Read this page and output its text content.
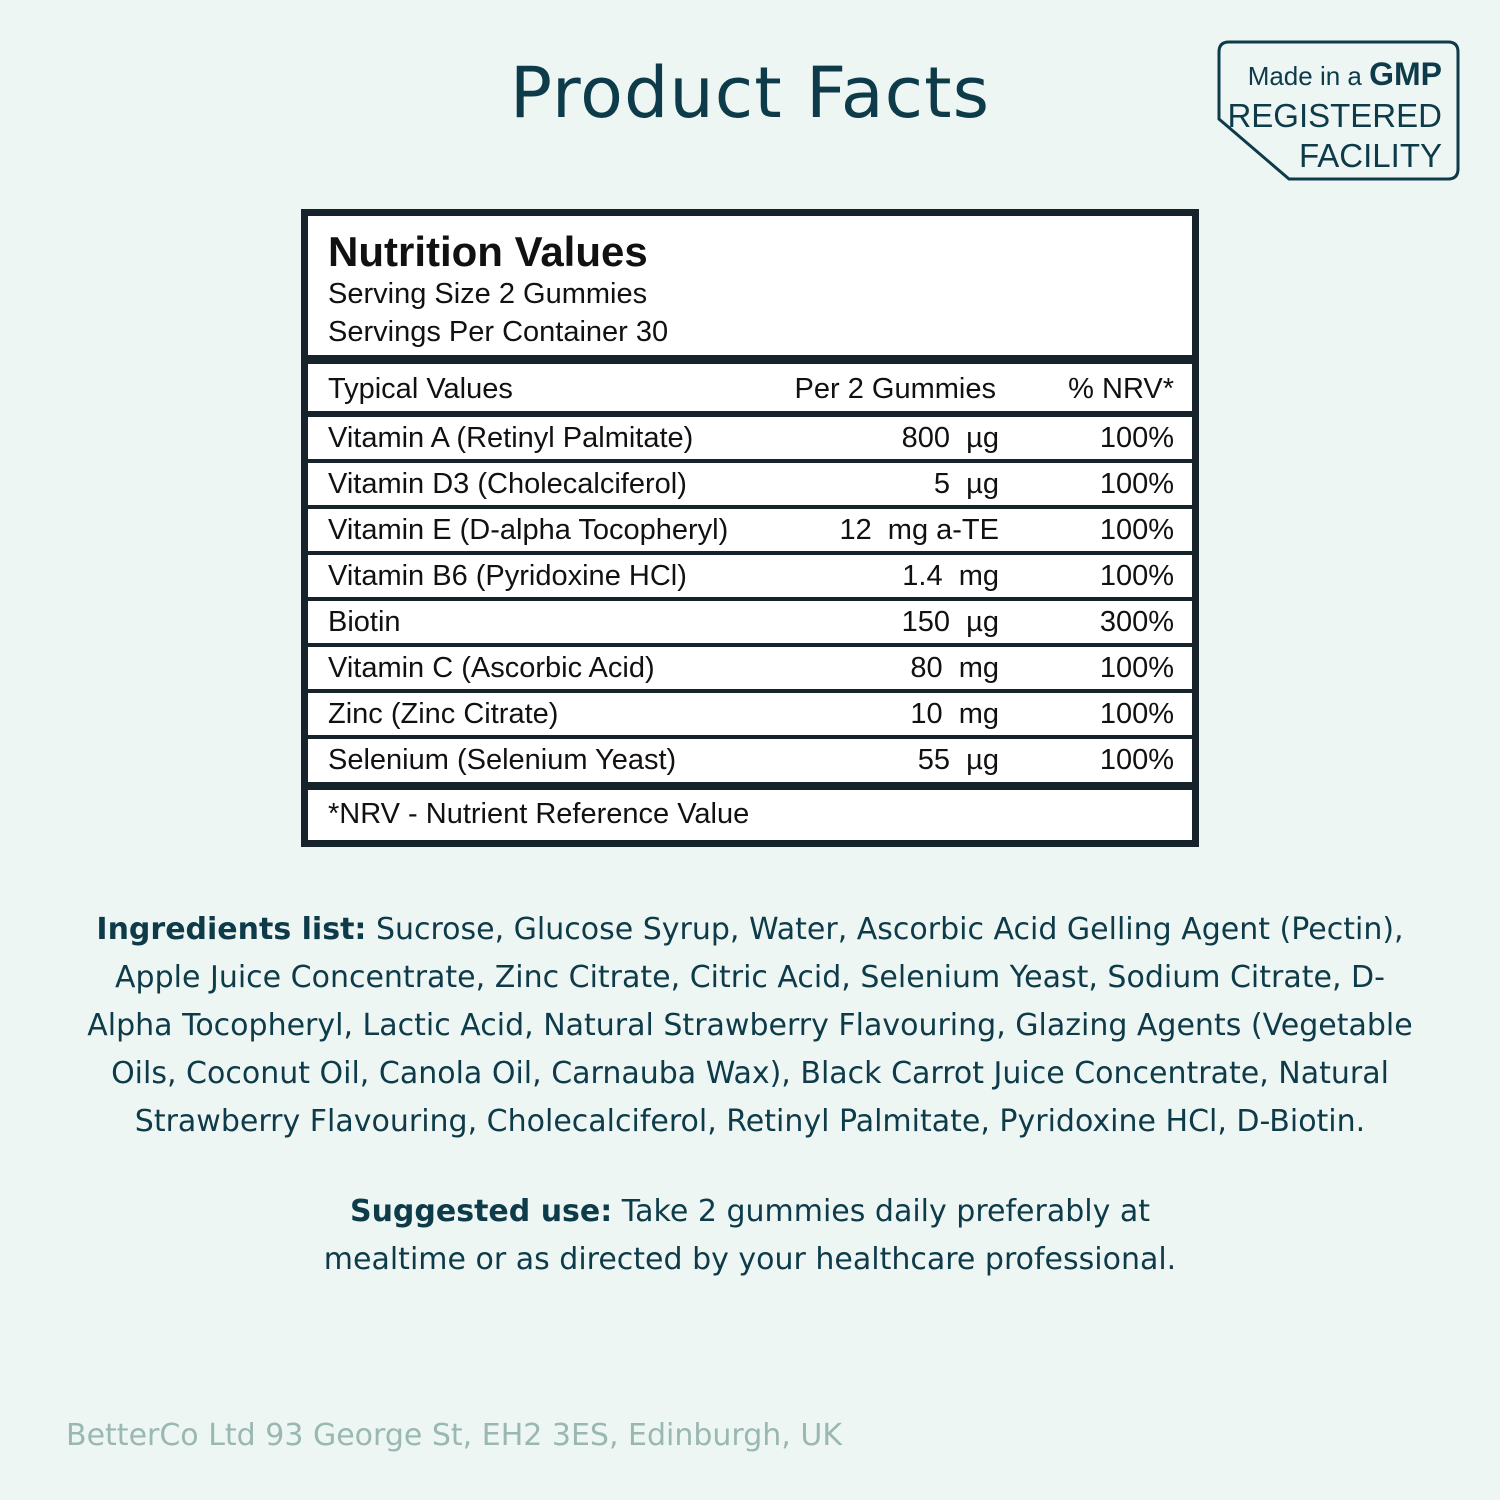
Product Facts	Made in a GMP
REGISTERED
FACILITY
Nutrition Values
Serving Size 2 Gummies
Servings Per Container 30
Typical Values	Per 2 Gummies % NRV*
Vitamin A (Retinyl Palmitate)	800  µg	100%
Vitamin D3 (Cholecalciferol)	5  µg	100%
Vitamin E (D-alpha Tocopheryl)	12  mg a-TE	100%
Vitamin B6 (Pyridoxine HCl)	1.4  mg	100%
Biotin	150  µg	300%
Vitamin C (Ascorbic Acid)	80  mg	100%
Zinc (Zinc Citrate)	10  mg	100%
Selenium (Selenium Yeast)	55  µg	100%
*NRV - Nutrient Reference Value
Ingredients list: Sucrose, Glucose Syrup, Water, Ascorbic Acid Gelling Agent (Pectin), Apple Juice Concentrate, Zinc Citrate, Citric Acid, Selenium Yeast, Sodium Citrate, D-Alpha Tocopheryl, Lactic Acid, Natural Strawberry Flavouring, Glazing Agents (Vegetable Oils, Coconut Oil, Canola Oil, Carnauba Wax), Black Carrot Juice Concentrate, Natural Strawberry Flavouring, Cholecalciferol, Retinyl Palmitate, Pyridoxine HCl, D-Biotin.
Suggested use: Take 2 gummies daily preferably at mealtime or as directed by your healthcare professional.
BetterCo Ltd 93 George St, EH2 3ES, Edinburgh, UK
